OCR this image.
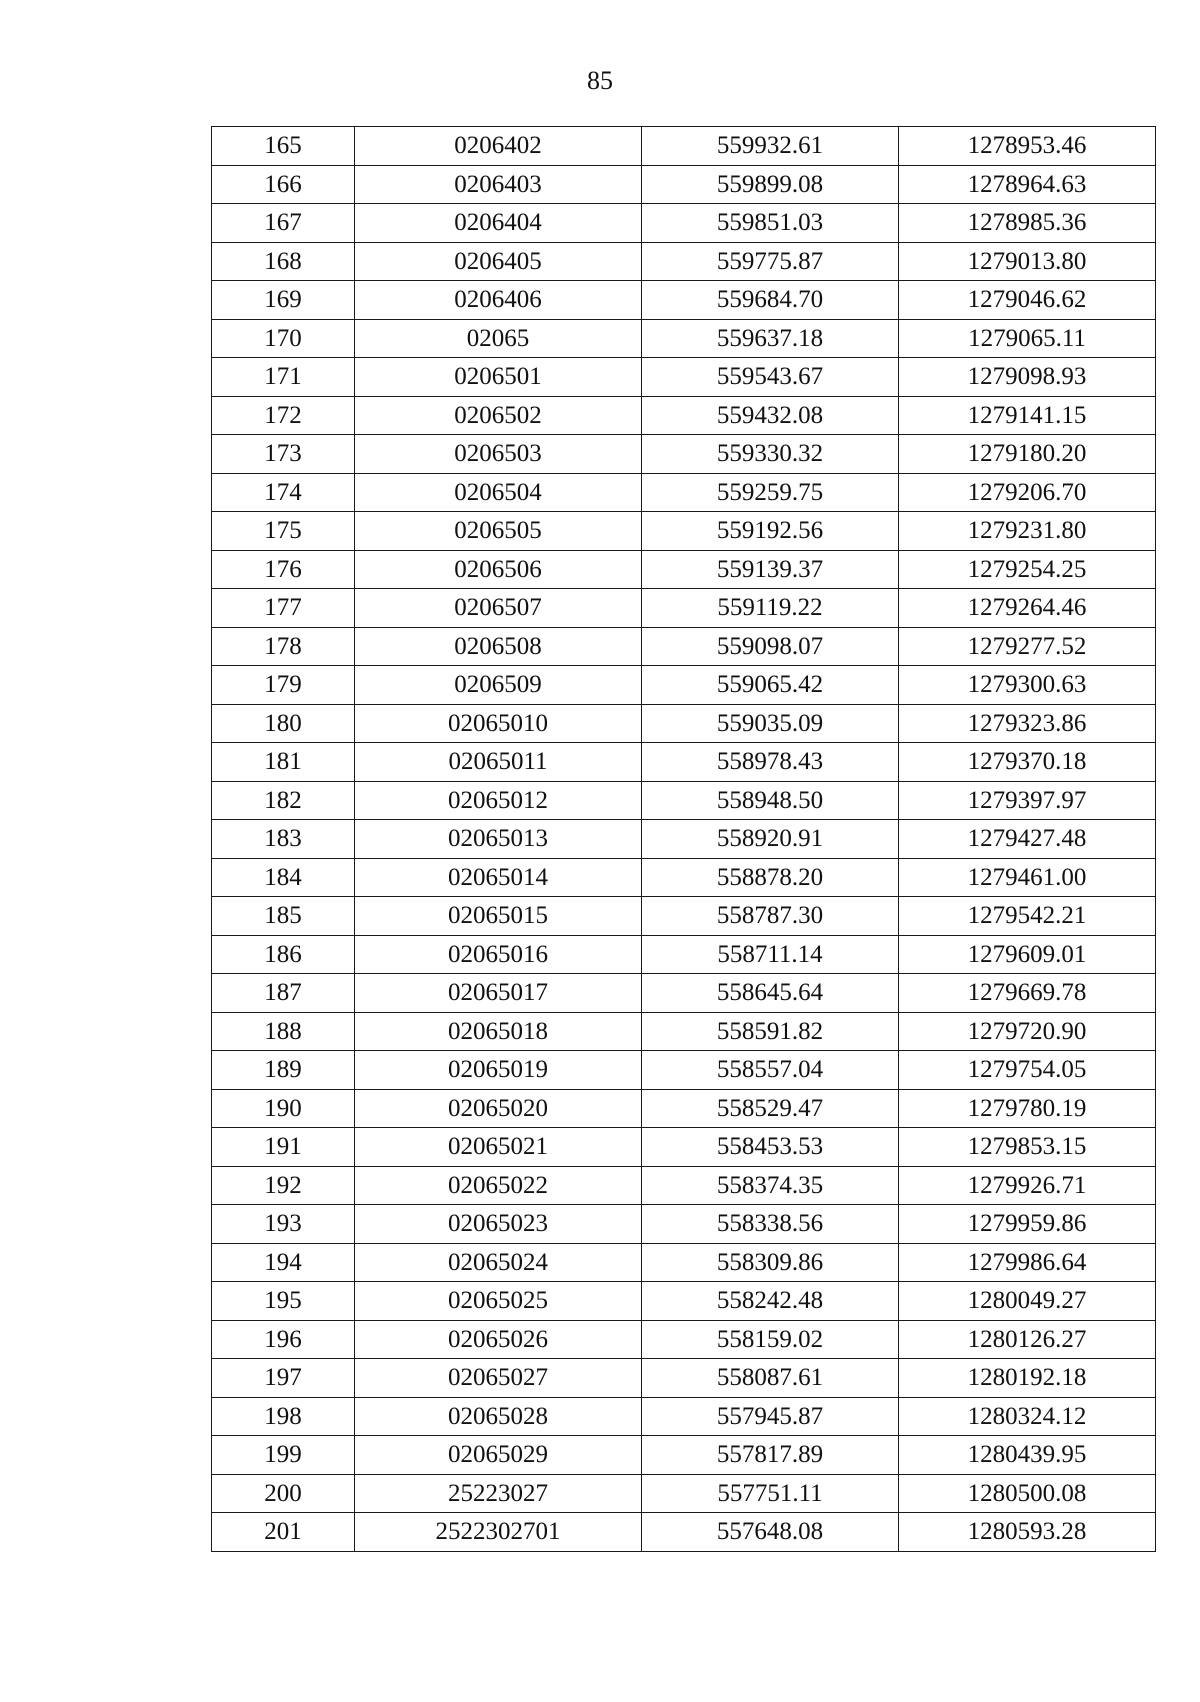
85
165	0206402	559932.61	1278953.46
166	0206403	559899.08	1278964.63
167	0206404	559851.03	1278985.36
168	0206405	559775.87	1279013.80
169	0206406	559684.70	1279046.62
170	02065	559637.18	1279065.11
171	0206501	559543.67	1279098.93
172	0206502	559432.08	1279141.15
173	0206503	559330.32	1279180.20
174	0206504	559259.75	1279206.70
175	0206505	559192.56	1279231.80
176	0206506	559139.37	1279254.25
177	0206507	559119.22	1279264.46
178	0206508	559098.07	1279277.52
179	0206509	559065.42	1279300.63
180	02065010	559035.09	1279323.86
181	02065011	558978.43	1279370.18
182	02065012	558948.50	1279397.97
183	02065013	558920.91	1279427.48
184	02065014	558878.20	1279461.00
185	02065015	558787.30	1279542.21
186	02065016	558711.14	1279609.01
187	02065017	558645.64	1279669.78
188	02065018	558591.82	1279720.90
189	02065019	558557.04	1279754.05
190	02065020	558529.47	1279780.19
191	02065021	558453.53	1279853.15
192	02065022	558374.35	1279926.71
193	02065023	558338.56	1279959.86
194	02065024	558309.86	1279986.64
195	02065025	558242.48	1280049.27
196	02065026	558159.02	1280126.27
197	02065027	558087.61	1280192.18
198	02065028	557945.87	1280324.12
199	02065029	557817.89	1280439.95
200	25223027	557751.11	1280500.08
201	2522302701	557648.08	1280593.28
